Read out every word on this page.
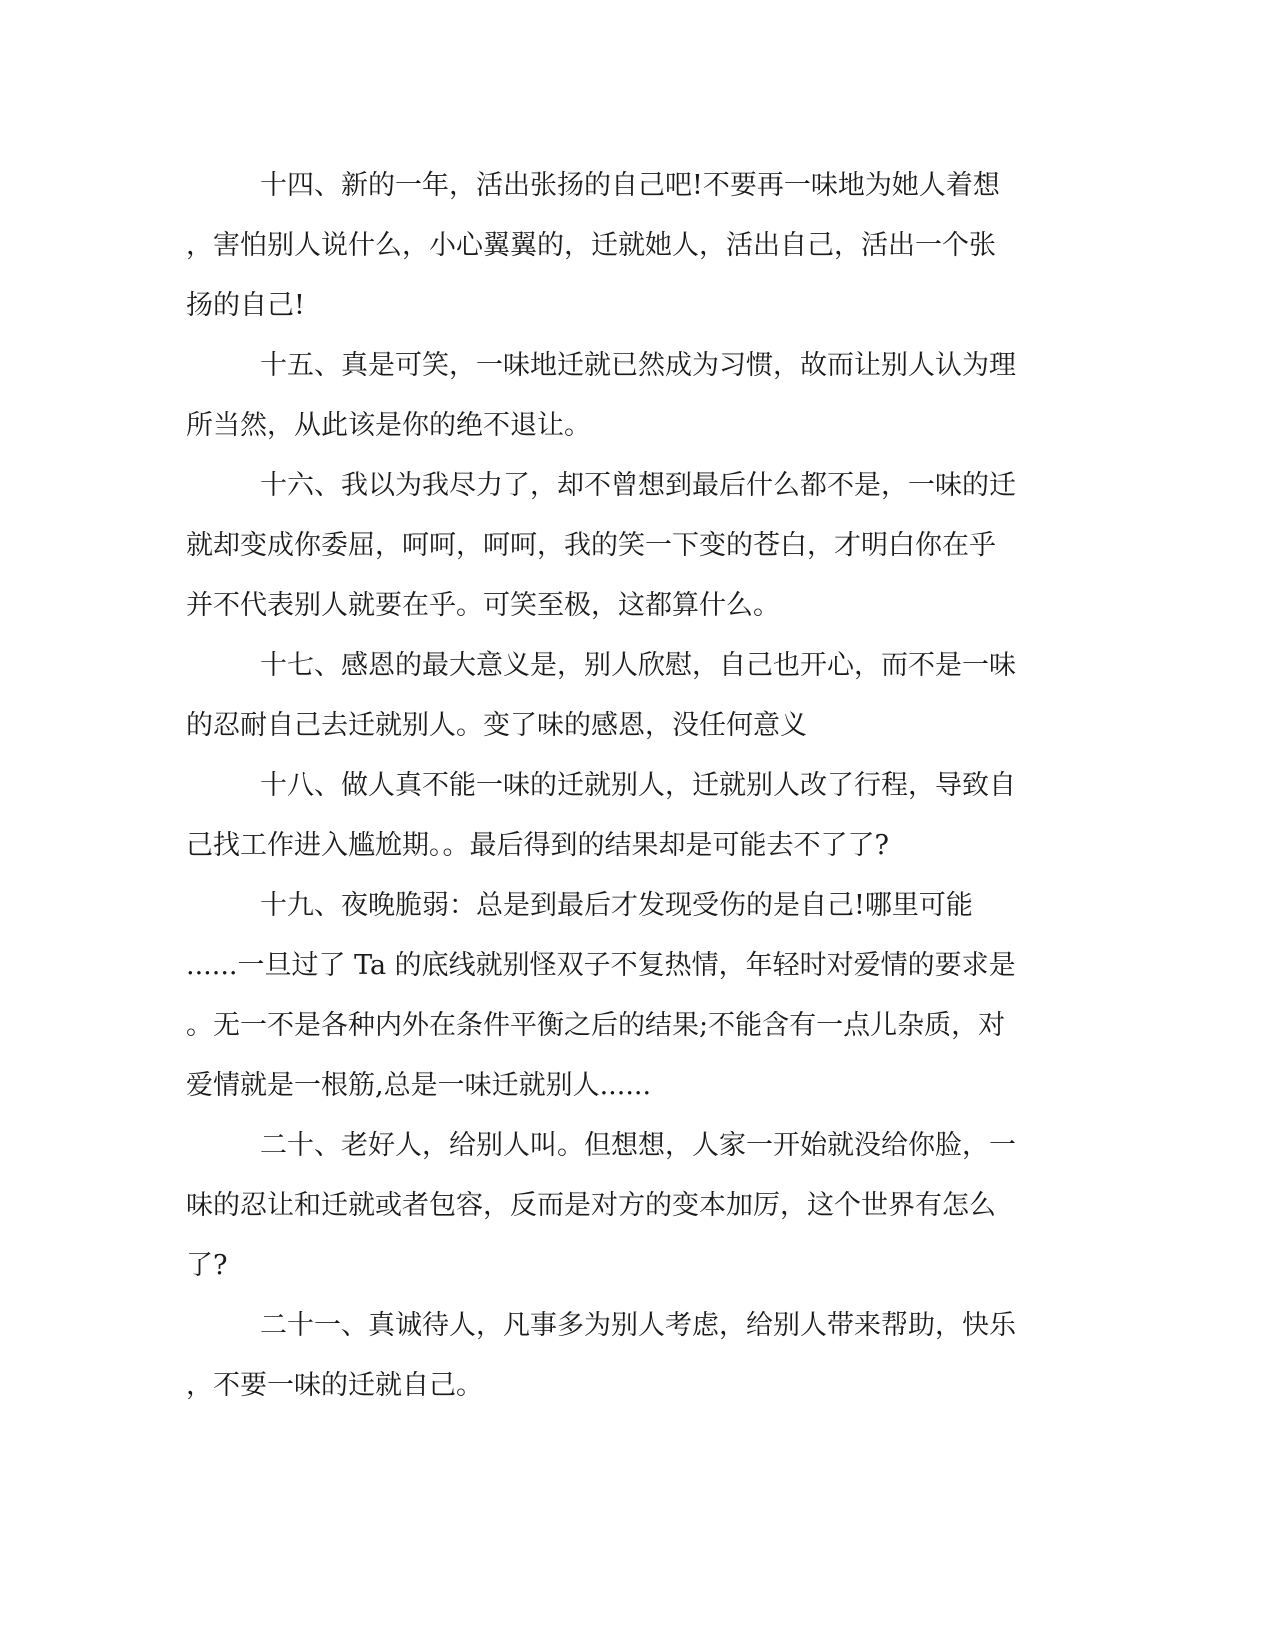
十四、新的一年，活出张扬的自己吧!不要再一味地为她人着想
，害怕别人说什么，小心翼翼的，迁就她人，活出自己，活出一个张
扬的自己!
十五、真是可笑，一味地迁就已然成为习惯，故而让别人认为理
所当然，从此该是你的绝不退让。
十六、我以为我尽力了，却不曾想到最后什么都不是，一味的迁
就却变成你委屈，呵呵，呵呵，我的笑一下变的苍白，才明白你在乎
并不代表别人就要在乎。可笑至极，这都算什么。
十七、感恩的最大意义是，别人欣慰，自己也开心，而不是一味
的忍耐自己去迁就别人。变了味的感恩，没任何意义
十八、做人真不能一味的迁就别人，迁就别人改了行程，导致自
己找工作进入尴尬期。。最后得到的结果却是可能去不了了?
十九、夜晚脆弱：总是到最后才发现受伤的是自己!哪里可能
......一旦过了 Ta 的底线就别怪双子不复热情，年轻时对爱情的要求是
。无一不是各种内外在条件平衡之后的结果;不能含有一点儿杂质，对
爱情就是一根筋,总是一味迁就别人......
二十、老好人，给别人叫。但想想，人家一开始就没给你脸，一
味的忍让和迁就或者包容，反而是对方的变本加厉，这个世界有怎么
了?
二十一、真诚待人，凡事多为别人考虑，给别人带来帮助，快乐
，不要一味的迁就自己。
